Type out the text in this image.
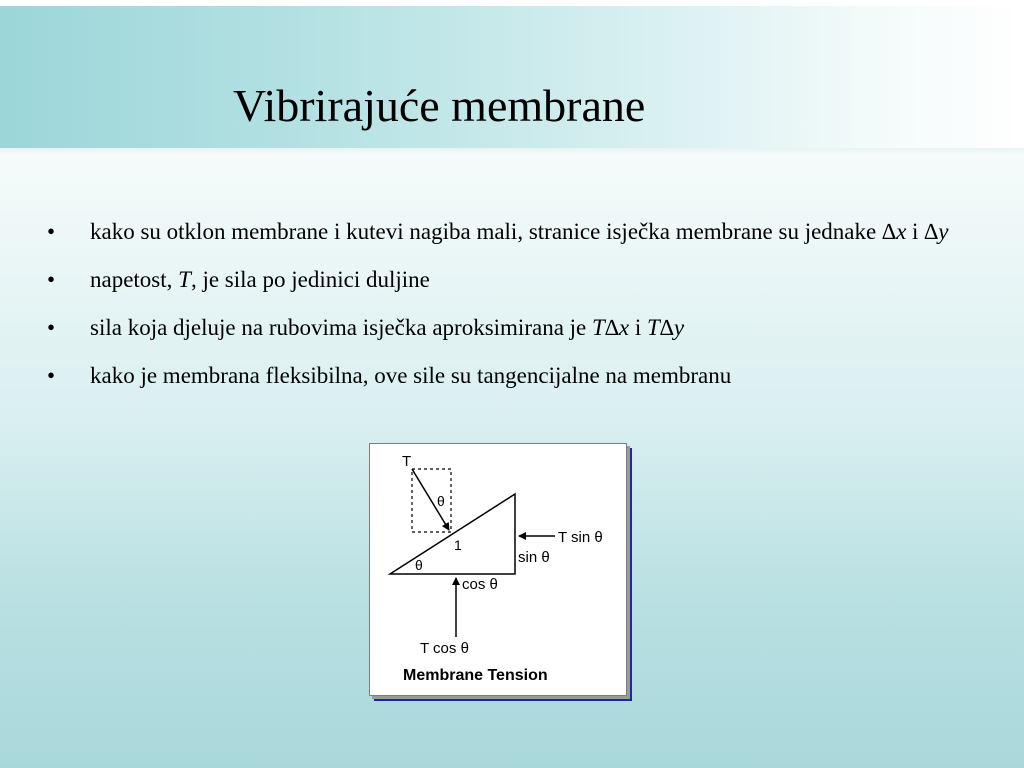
Vibrirajuće membrane
• kako su otklon membrane i kutevi nagiba mali, stranice isječka membrane su jednake ∆x i ∆y
• napetost, T, je sila po jedinici duljine
• sila koja djeluje na rubovima isječka aproksimirana je T∆x i T∆y
• kako je membrana fleksibilna, ove sile su tangencijalne na membranu
T
θ
1	T sin θ
sin θ
θ
cos θ
T cos θ
Membrane Tension
